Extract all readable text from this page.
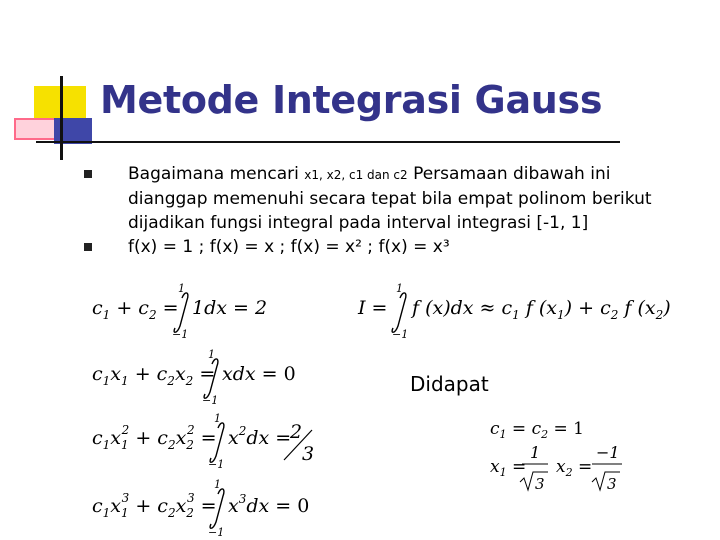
Metode Integrasi Gauss
Bagaimana mencari x1, x2, c1 dan c2 Persamaan dibawah ini
dianggap memenuhi secara tepat bila empat polinom berikut
dijadikan fungsi integral pada interval integrasi [-1, 1]
f(x) = 1 ; f(x) = x ; f(x) = x² ; f(x) = x³
$c_1 + c_2$ =
1
−1
1dx = 2	I =
1
−1
f $(x)dx \approx c_1$ f $(x_1) + c_2$ f $(x_2)$
$c_1x_1 + c_2x_2$ =
1
−1
xdx = 0	Didapat
$c_1x_12 + c_2x_22$ =
1
−1
$x^2dx$ =
2
3
$c_1 = c_2 = 1$
$x_1$ =
1
3
$x_2$ =
−1
3
$c_1x_13 + c_2x_23$ =
1
−1
$x^3dx = 0$
